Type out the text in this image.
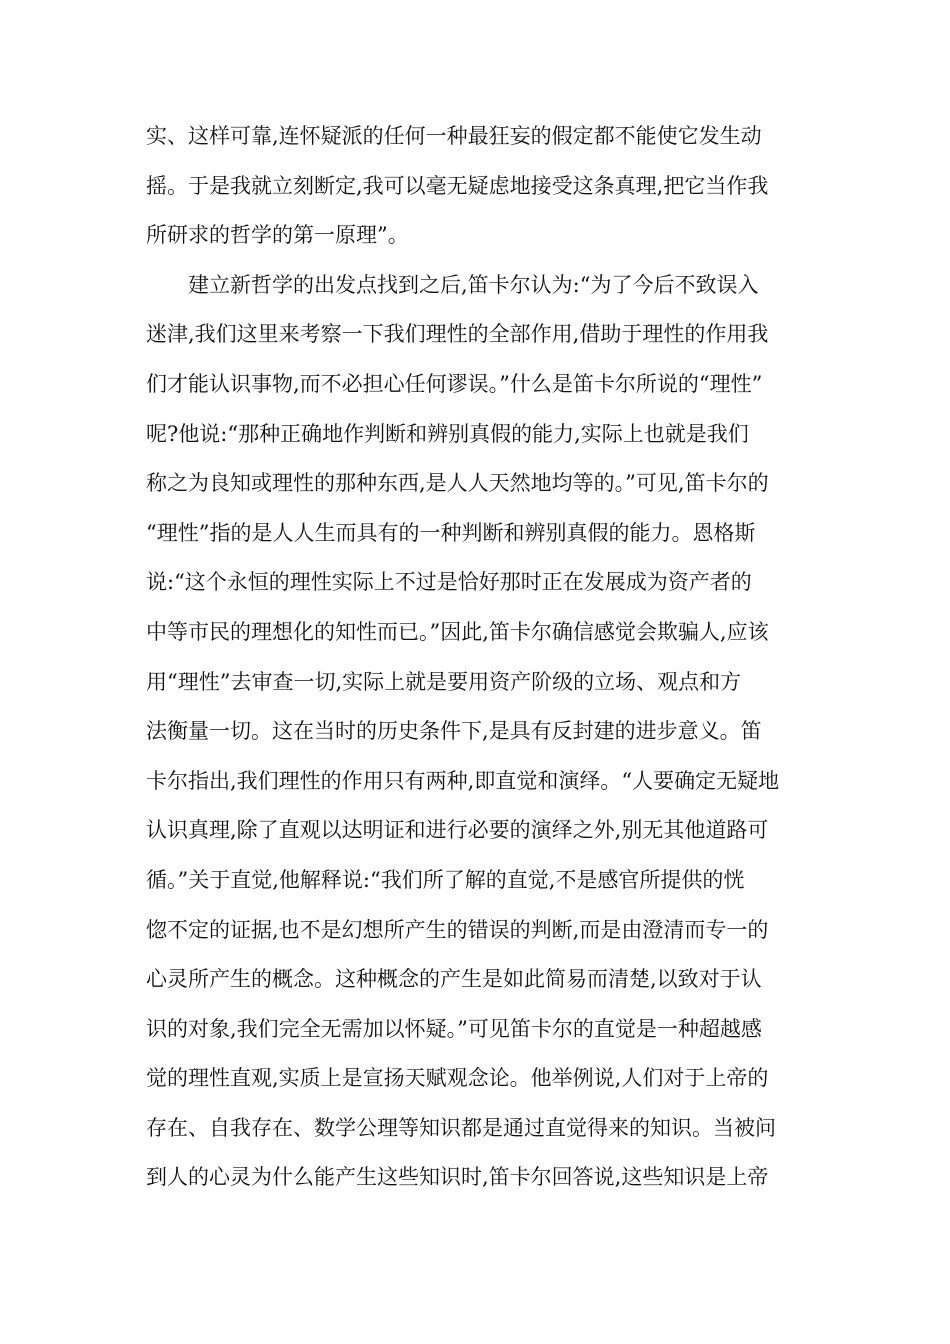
实、这样可靠,连怀疑派的任何一种最狂妄的假定都不能使它发生动
摇。于是我就立刻断定,我可以毫无疑虑地接受这条真理,把它当作我
所研求的哲学的第一原理”。
建立新哲学的出发点找到之后,笛卡尔认为:“为了今后不致误入
迷津,我们这里来考察一下我们理性的全部作用,借助于理性的作用我
们才能认识事物,而不必担心任何谬误。”什么是笛卡尔所说的“理性”
呢?他说:“那种正确地作判断和辨别真假的能力,实际上也就是我们
称之为良知或理性的那种东西,是人人天然地均等的。”可见,笛卡尔的
“理性”指的是人人生而具有的一种判断和辨别真假的能力。恩格斯
说:“这个永恒的理性实际上不过是恰好那时正在发展成为资产者的
中等市民的理想化的知性而已。”因此,笛卡尔确信感觉会欺骗人,应该
用“理性”去审查一切,实际上就是要用资产阶级的立场、观点和方
法衡量一切。这在当时的历史条件下,是具有反封建的进步意义。笛
卡尔指出,我们理性的作用只有两种,即直觉和演绎。“人要确定无疑地
认识真理,除了直观以达明证和进行必要的演绎之外,别无其他道路可
循。”关于直觉,他解释说:“我们所了解的直觉,不是感官所提供的恍
惚不定的证据,也不是幻想所产生的错误的判断,而是由澄清而专一的
心灵所产生的概念。这种概念的产生是如此简易而清楚,以致对于认
识的对象,我们完全无需加以怀疑。”可见笛卡尔的直觉是一种超越感
觉的理性直观,实质上是宣扬天赋观念论。他举例说,人们对于上帝的
存在、自我存在、数学公理等知识都是通过直觉得来的知识。当被问
到人的心灵为什么能产生这些知识时,笛卡尔回答说,这些知识是上帝
